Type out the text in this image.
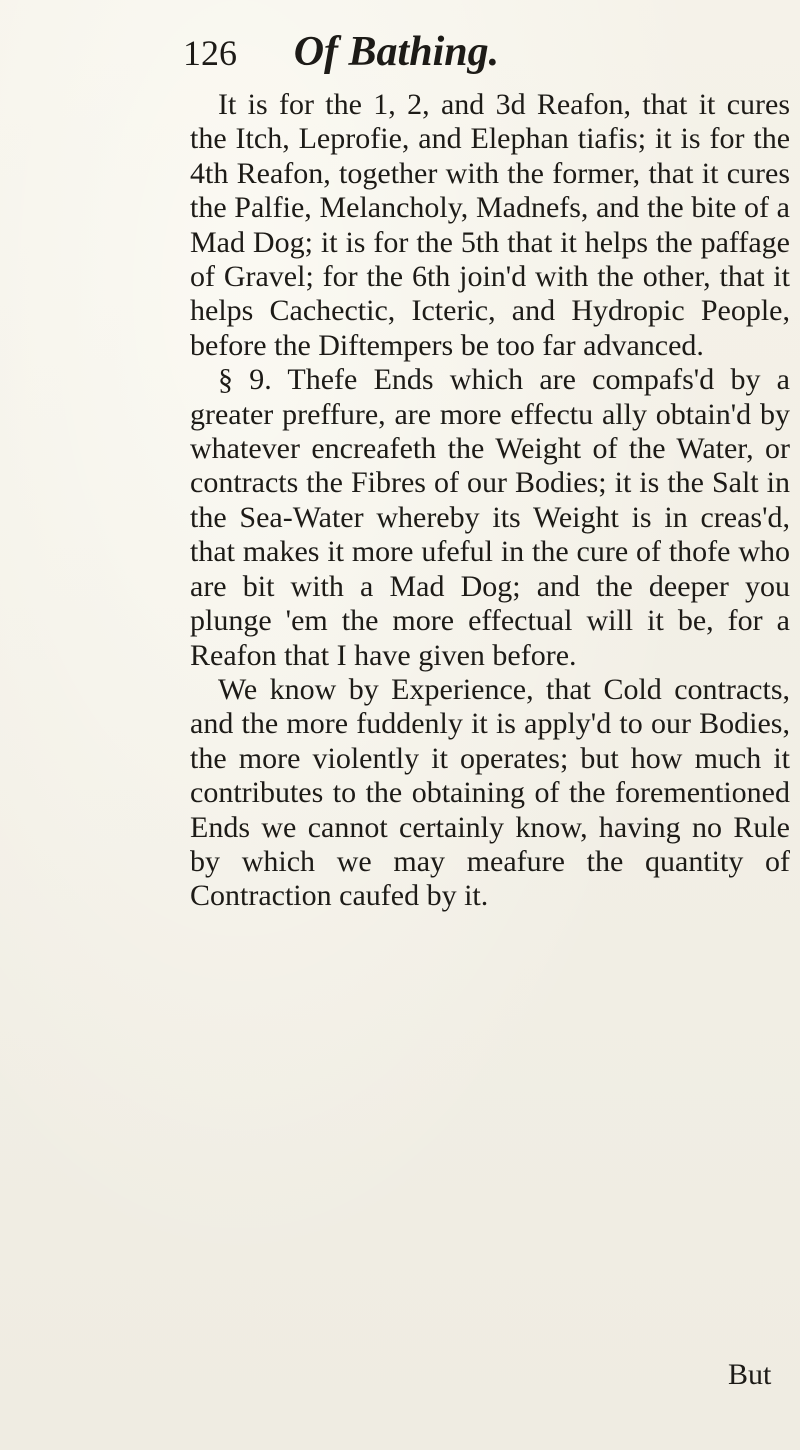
126 Of Bathing.

It is for the 1, 2, and 3d Reafon, that it cures the Itch, Leprofie, and Elephan tiafis; it is for the 4th Reafon, together with the former, that it cures the Palfie, Melancholy, Madnefs, and the bite of a Mad Dog; it is for the 5th that it helps the paffage of Gravel; for the 6th join'd with the other, that it helps Cachectic, Icteric, and Hydropic People, before the Diftempers be too far advanced.

§ 9. Thefe Ends which are compafs'd by a greater preffure, are more effectu ally obtain'd by whatever encreafeth the Weight of the Water, or contracts the Fibres of our Bodies; it is the Salt in the Sea-Water whereby its Weight is in creas'd, that makes it more ufeful in the cure of thofe who are bit with a Mad Dog; and the deeper you plunge 'em the more effectual will it be, for a Reafon that I have given before.

We know by Experience, that Cold contracts, and the more fuddenly it is apply'd to our Bodies, the more violently it operates; but how much it contributes to the obtaining of the forementioned Ends we cannot certainly know, having no Rule by which we may meafure the quantity of Contraction caufed by it.

But
